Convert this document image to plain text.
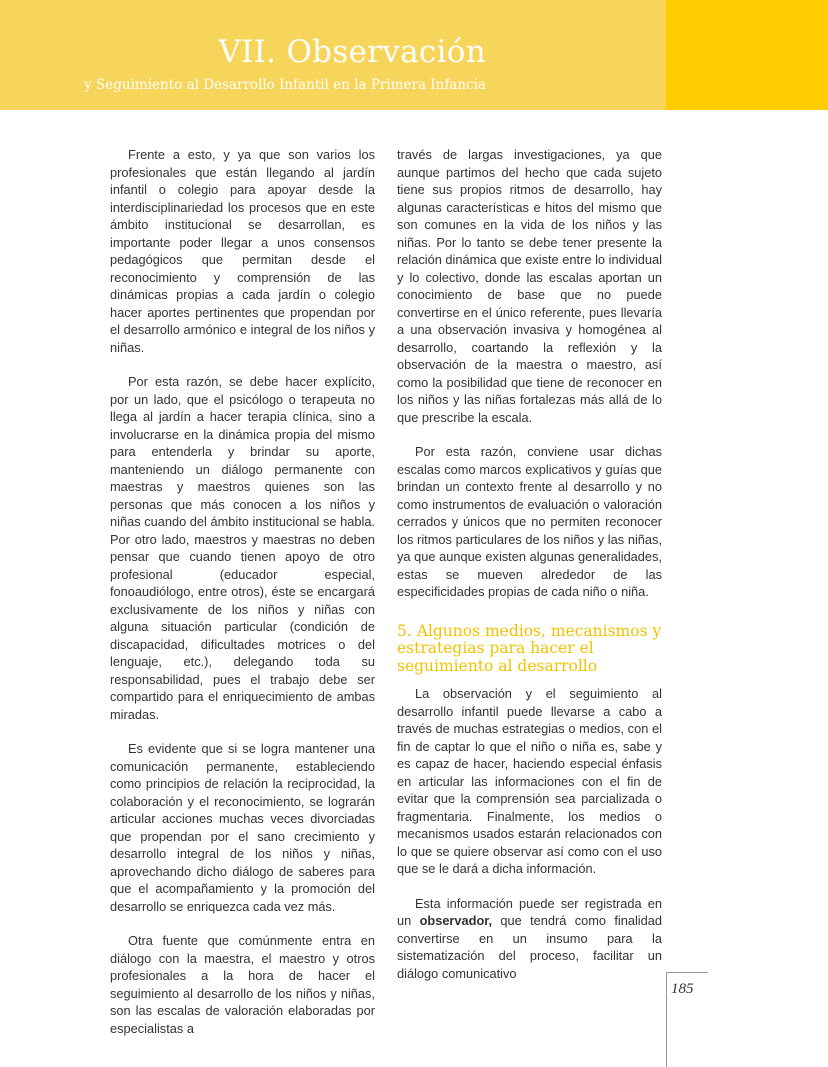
VII. Observación
y Seguimiento al Desarrollo Infantil en la Primera Infancia

Frente a esto, y ya que son varios los profesionales que están llegando al jardín infantil o colegio para apoyar desde la interdisciplinariedad los procesos que en este ámbito institucional se desarrollan, es importante poder llegar a unos consensos pedagógicos que permitan desde el reconocimiento y comprensión de las dinámicas propias a cada jardín o colegio hacer aportes pertinentes que propendan por el desarrollo armónico e integral de los niños y niñas.

Por esta razón, se debe hacer explícito, por un lado, que el psicólogo o terapeuta no llega al jardín a hacer terapia clínica, sino a involucrarse en la dinámica propia del mismo para entenderla y brindar su aporte, manteniendo un diálogo permanente con maestras y maestros quienes son las personas que más conocen a los niños y niñas cuando del ámbito institucional se habla. Por otro lado, maestros y maestras no deben pensar que cuando tienen apoyo de otro profesional (educador especial, fonoaudiólogo, entre otros), éste se encargará exclusivamente de los niños y niñas con alguna situación particular (condición de discapacidad, dificultades motrices o del lenguaje, etc.), delegando toda su responsabilidad, pues el trabajo debe ser compartido para el enriquecimiento de ambas miradas.

Es evidente que si se logra mantener una comunicación permanente, estableciendo como principios de relación la reciprocidad, la colaboración y el reconocimiento, se lograrán articular acciones muchas veces divorciadas que propendan por el sano crecimiento y desarrollo integral de los niños y niñas, aprovechando dicho diálogo de saberes para que el acompañamiento y la promoción del desarrollo se enriquezca cada vez más.

Otra fuente que comúnmente entra en diálogo con la maestra, el maestro y otros profesionales a la hora de hacer el seguimiento al desarrollo de los niños y niñas, son las escalas de valoración elaboradas por especialistas a

través de largas investigaciones, ya que aunque partimos del hecho que cada sujeto tiene sus propios ritmos de desarrollo, hay algunas características e hitos del mismo que son comunes en la vida de los niños y las niñas. Por lo tanto se debe tener presente la relación dinámica que existe entre lo individual y lo colectivo, donde las escalas aportan un conocimiento de base que no puede convertirse en el único referente, pues llevaría a una observación invasiva y homogénea al desarrollo, coartando la reflexión y la observación de la maestra o maestro, así como la posibilidad que tiene de reconocer en los niños y las niñas fortalezas más allá de lo que prescribe la escala.

Por esta razón, conviene usar dichas escalas como marcos explicativos y guías que brindan un contexto frente al desarrollo y no como instrumentos de evaluación o valoración cerrados y únicos que no permiten reconocer los ritmos particulares de los niños y las niñas, ya que aunque existen algunas generalidades, estas se mueven alrededor de las especificidades propias de cada niño o niña.

5. Algunos medios, mecanismos y estrategias para hacer el seguimiento al desarrollo

La observación y el seguimiento al desarrollo infantil puede llevarse a cabo a través de muchas estrategias o medios, con el fin de captar lo que el niño o niña es, sabe y es capaz de hacer, haciendo especial énfasis en articular las informaciones con el fin de evitar que la comprensión sea parcializada o fragmentaria. Finalmente, los medios o mecanismos usados estarán relacionados con lo que se quiere observar así como con el uso que se le dará a dicha información.

Esta información puede ser registrada en un observador, que tendrá como finalidad convertirse en un insumo para la sistematización del proceso, facilitar un diálogo comunicativo

185
